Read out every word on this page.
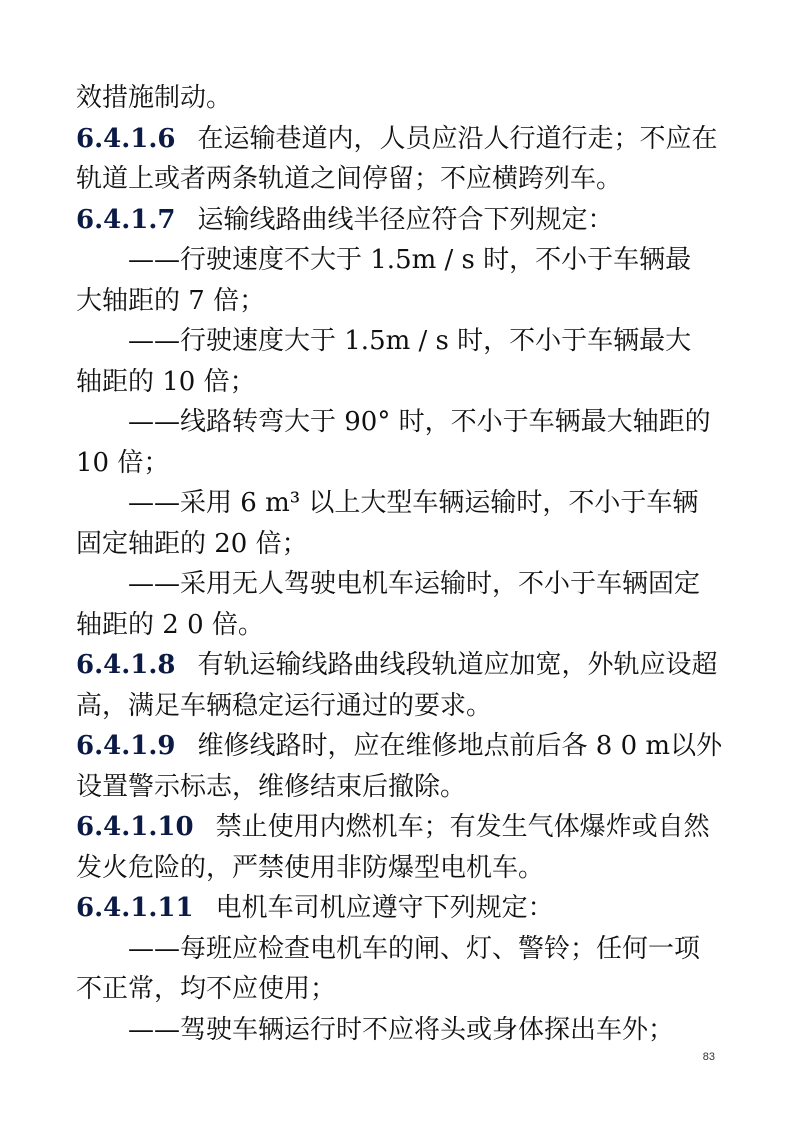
效措施制动。
6.4.1.6 在运输巷道内，人员应沿人行道行走；不应在
轨道上或者两条轨道之间停留；不应横跨列车。
6.4.1.7 运输线路曲线半径应符合下列规定：
——行驶速度不大于 1.5m / s 时，不小于车辆最
大轴距的 7 倍；
——行驶速度大于 1.5m / s 时，不小于车辆最大
轴距的 10 倍；
——线路转弯大于 90° 时，不小于车辆最大轴距的
10 倍；
——采用 6 m³ 以上大型车辆运输时，不小于车辆
固定轴距的 20 倍；
——采用无人驾驶电机车运输时，不小于车辆固定
轴距的 2 0 倍。
6.4.1.8 有轨运输线路曲线段轨道应加宽，外轨应设超
高，满足车辆稳定运行通过的要求。
6.4.1.9 维修线路时，应在维修地点前后各 8 0 m以外
设置警示标志，维修结束后撤除。
6.4.1.10 禁止使用内燃机车；有发生气体爆炸或自然
发火危险的，严禁使用非防爆型电机车。
6.4.1.11 电机车司机应遵守下列规定：
——每班应检查电机车的闸、灯、警铃；任何一项
不正常，均不应使用；
——驾驶车辆运行时不应将头或身体探出车外；
83
